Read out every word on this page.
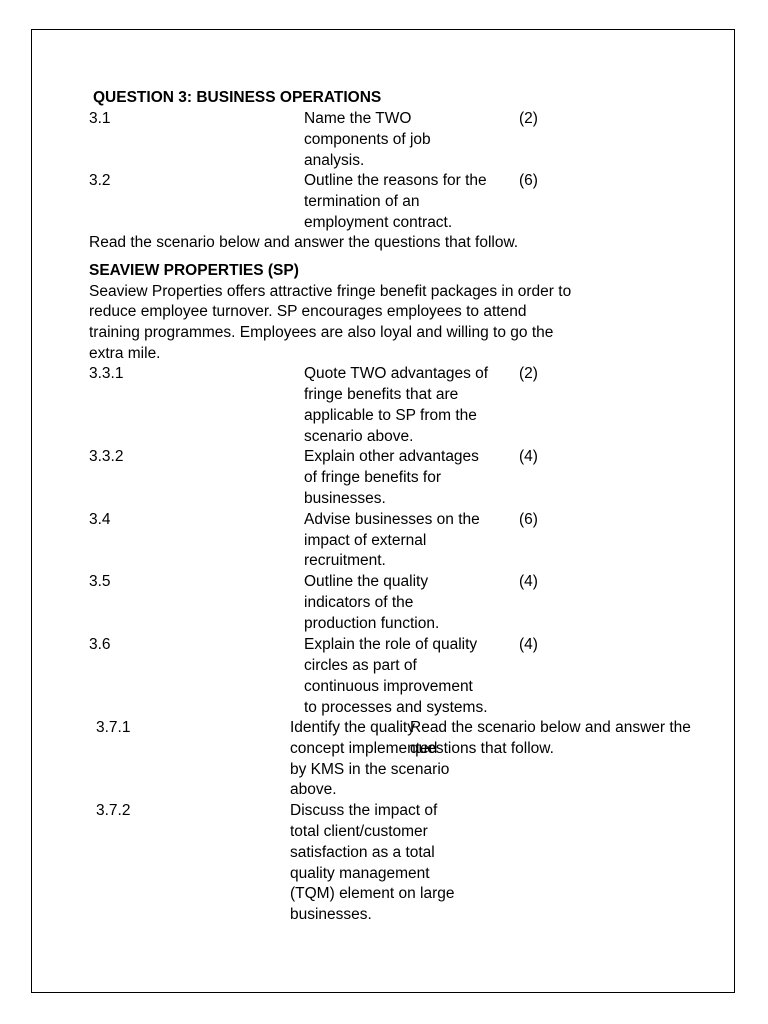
QUESTION 3: BUSINESS OPERATIONS
3.1	Name the TWO
components of job
analysis.
(2)
3.2	Outline the reasons for the
termination of an
employment contract.
(6)
Read the scenario below and answer the questions that follow.
SEAVIEW PROPERTIES (SP)
Seaview Properties offers attractive fringe benefit packages in order to
reduce employee turnover. SP encourages employees to attend
training programmes. Employees are also loyal and willing to go the
extra mile.
3.3.1	Quote TWO advantages of
fringe benefits that are
applicable to SP from the
scenario above.
(2)
3.3.2	Explain other advantages
of fringe benefits for
businesses.
(4)
3.4	Advise businesses on the
impact of external
recruitment.
(6)
3.5	Outline the quality
indicators of the
production function.
(4)
3.6	Explain the role of quality
circles as part of
continuous improvement
to processes and systems.
(4)
3.7.1	Identify the quality
concept implemented
by KMS in the scenario
above.
Read the scenario below and answer the
questions that follow.
3.7.2	Discuss the impact of
total client/customer
satisfaction as a total
quality management
(TQM) element on large
businesses.
